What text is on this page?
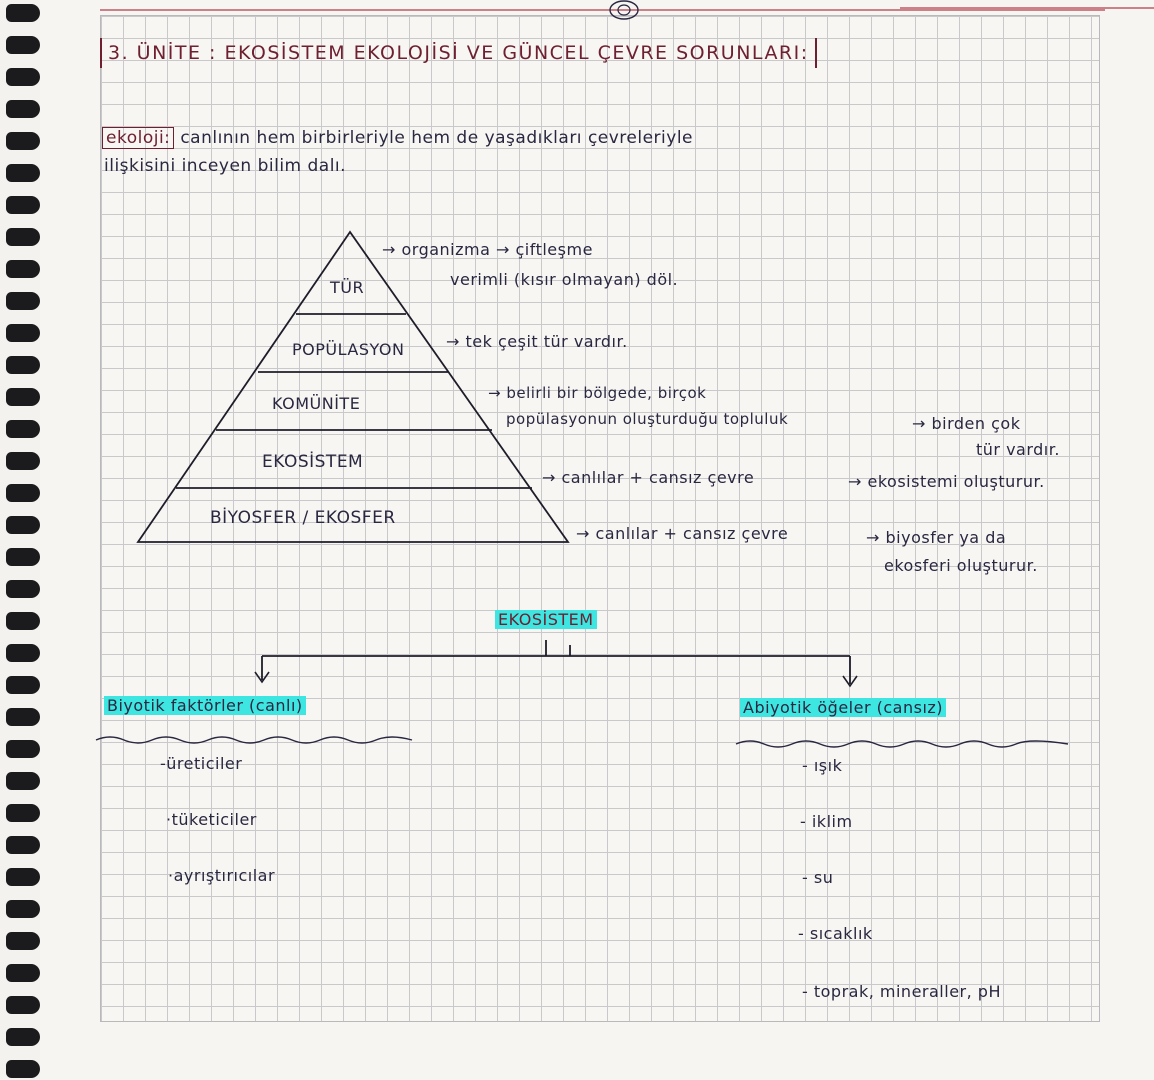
3. ÜNİTE : EKOSİSTEM EKOLOJİSİ VE GÜNCEL ÇEVRE SORUNLARI:
ekoloji: canlının hem birbirleriyle hem de yaşadıkları çevreleriyle
ilişkisini inceyen bilim dalı.
TÜR
POPÜLASYON
KOMÜNİTE
EKOSİSTEM
BİYOSFER / EKOSFER
→ organizma → çiftleşme
verimli (kısır olmayan) döl.
→ tek çeşit tür vardır.
→ belirli bir bölgede, birçok
popülasyonun oluşturduğu topluluk	→ birden çok
tür vardır.
→ canlılar + cansız çevre	→ ekosistemi oluşturur.
→ canlılar + cansız çevre	→ biyosfer ya da
ekosferi oluşturur.
EKOSİSTEM
Biyotik faktörler (canlı)
-üreticiler
·tüketiciler
·ayrıştırıcılar
Abiyotik öğeler (cansız)
- ışık
- iklim
- su
- sıcaklık
- toprak, mineraller, pH
